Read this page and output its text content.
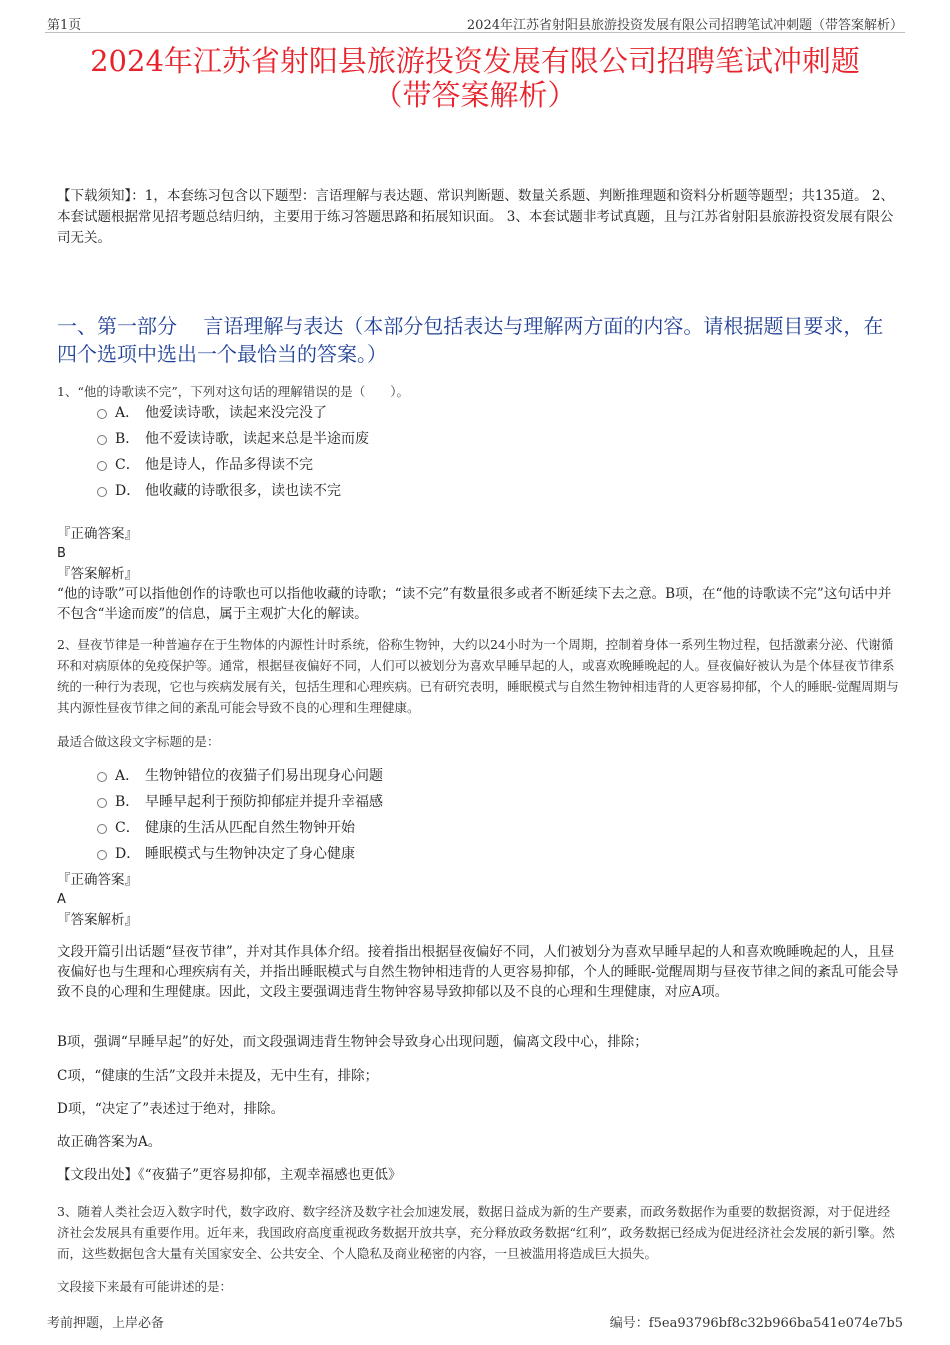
第1页	2024年江苏省射阳县旅游投资发展有限公司招聘笔试冲刺题（带答案解析）
2024年江苏省射阳县旅游投资发展有限公司招聘笔试冲刺题
（带答案解析）
【下载须知】：1，本套练习包含以下题型：言语理解与表达题、常识判断题、数量关系题、判断推理题和资料分析题等题型；共135道。 2、本套试题根据常见招考题总结归纳，主要用于练习答题思路和拓展知识面。 3、本套试题非考试真题，且与江苏省射阳县旅游投资发展有限公司无关。
一、第一部分　 言语理解与表达（本部分包括表达与理解两方面的内容。请根据题目要求，在四个选项中选出一个最恰当的答案。）
1、“他的诗歌读不完”，下列对这句话的理解错误的是（　　）。
A． 他爱读诗歌，读起来没完没了
B． 他不爱读诗歌，读起来总是半途而废
C． 他是诗人，作品多得读不完
D． 他收藏的诗歌很多，读也读不完
『正确答案』
B
『答案解析』
“他的诗歌”可以指他创作的诗歌也可以指他收藏的诗歌；“读不完”有数量很多或者不断延续下去之意。B项，在“他的诗歌读不完”这句话中并不包含“半途而废”的信息，属于主观扩大化的解读。
2、昼夜节律是一种普遍存在于生物体的内源性计时系统，俗称生物钟，大约以24小时为一个周期，控制着身体一系列生物过程，包括激素分泌、代谢循环和对病原体的免疫保护等。通常，根据昼夜偏好不同，人们可以被划分为喜欢早睡早起的人，或喜欢晚睡晚起的人。昼夜偏好被认为是个体昼夜节律系统的一种行为表现，它也与疾病发展有关，包括生理和心理疾病。已有研究表明，睡眠模式与自然生物钟相违背的人更容易抑郁，个人的睡眠-觉醒周期与其内源性昼夜节律之间的紊乱可能会导致不良的心理和生理健康。
最适合做这段文字标题的是：
A． 生物钟错位的夜猫子们易出现身心问题
B． 早睡早起利于预防抑郁症并提升幸福感
C． 健康的生活从匹配自然生物钟开始
D． 睡眠模式与生物钟决定了身心健康
『正确答案』
A
『答案解析』
文段开篇引出话题“昼夜节律”，并对其作具体介绍。接着指出根据昼夜偏好不同，人们被划分为喜欢早睡早起的人和喜欢晚睡晚起的人，且昼夜偏好也与生理和心理疾病有关，并指出睡眠模式与自然生物钟相违背的人更容易抑郁，个人的睡眠-觉醒周期与昼夜节律之间的紊乱可能会导致不良的心理和生理健康。因此，文段主要强调违背生物钟容易导致抑郁以及不良的心理和生理健康，对应A项。
B项，强调“早睡早起”的好处，而文段强调违背生物钟会导致身心出现问题，偏离文段中心，排除；
C项，“健康的生活”文段并未提及，无中生有，排除；
D项，“决定了”表述过于绝对，排除。
故正确答案为A。
【文段出处】《“夜猫子”更容易抑郁，主观幸福感也更低》
3、随着人类社会迈入数字时代，数字政府、数字经济及数字社会加速发展，数据日益成为新的生产要素，而政务数据作为重要的数据资源，对于促进经济社会发展具有重要作用。近年来，我国政府高度重视政务数据开放共享，充分释放政务数据“红利”，政务数据已经成为促进经济社会发展的新引擎。然而，这些数据包含大量有关国家安全、公共安全、个人隐私及商业秘密的内容，一旦被滥用将造成巨大损失。
文段接下来最有可能讲述的是：
考前押题，上岸必备	编号：f5ea93796bf8c32b966ba541e074e7b5
